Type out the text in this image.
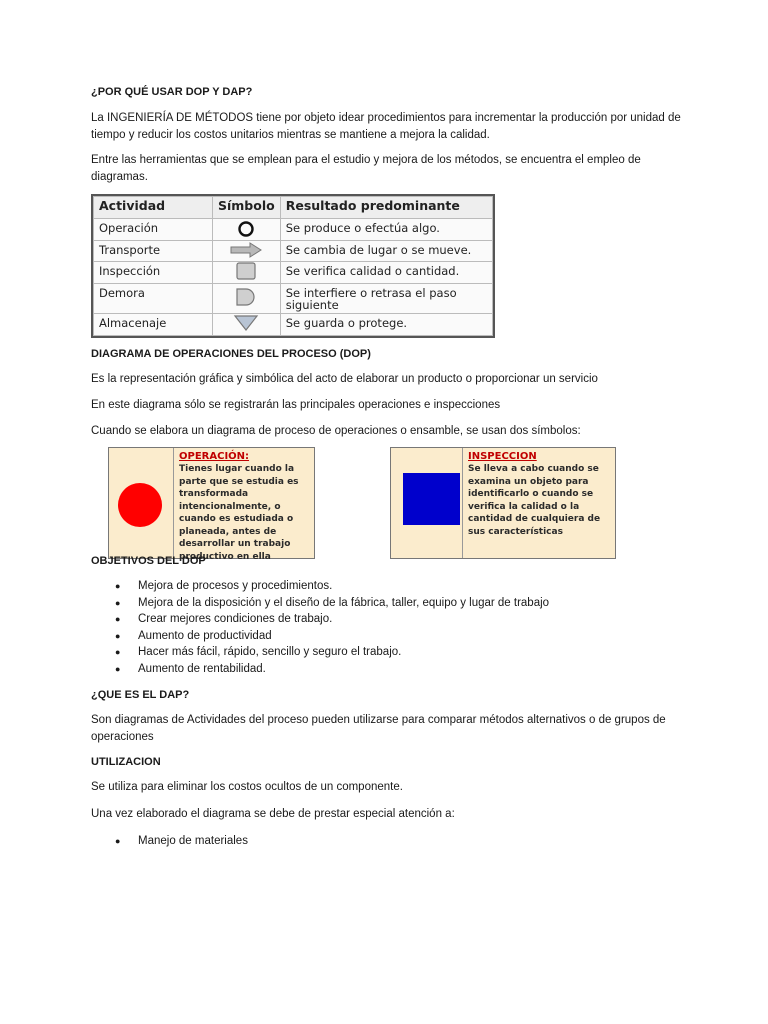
¿POR QUÉ USAR DOP Y DAP?
La INGENIERÍA DE MÉTODOS tiene por objeto idear procedimientos para incrementar la producción por unidad de tiempo y reducir los costos unitarios mientras se mantiene a mejora la calidad.
Entre las herramientas que se emplean para el estudio y mejora de los métodos, se encuentra el empleo de diagramas.
DIAGRAMA DE OPERACIONES DEL PROCESO (DOP)
Es la representación gráfica y simbólica del acto de elaborar un producto o proporcionar un servicio
En este diagrama sólo se registrarán las principales operaciones e inspecciones
Cuando se elabora un diagrama de proceso de operaciones o ensamble, se usan dos símbolos:
Actividad	Símbolo	Resultado predominante
Operación		Se produce o efectúa algo.
Transporte		Se cambia de lugar o se mueve.
Inspección		Se verifica calidad o cantidad.
Demora		Se interfiere o retrasa el paso siguiente
Almacenaje		Se guarda o protege.
OPERACIÓN:
Tienes lugar cuando la parte que se estudia es transformada intencionalmente, o cuando es estudiada o planeada, antes de desarrollar un trabajo productivo en ella
INSPECCION
Se lleva a cabo cuando se examina un objeto para identificarlo o cuando se verifica la calidad o la cantidad de cualquiera de sus características
OBJETIVOS DEL DOP
● Mejora de procesos y procedimientos.
● Mejora de la disposición y el diseño de la fábrica, taller, equipo y lugar de trabajo
● Crear mejores condiciones de trabajo.
● Aumento de productividad
● Hacer más fácil, rápido, sencillo y seguro el trabajo.
● Aumento de rentabilidad.
¿QUE ES EL DAP?
Son diagramas de Actividades del proceso pueden utilizarse para comparar métodos alternativos o de grupos de operaciones
UTILIZACION
Se utiliza para eliminar los costos ocultos de un componente.
Una vez elaborado el diagrama se debe de prestar especial atención a:
● Manejo de materiales
